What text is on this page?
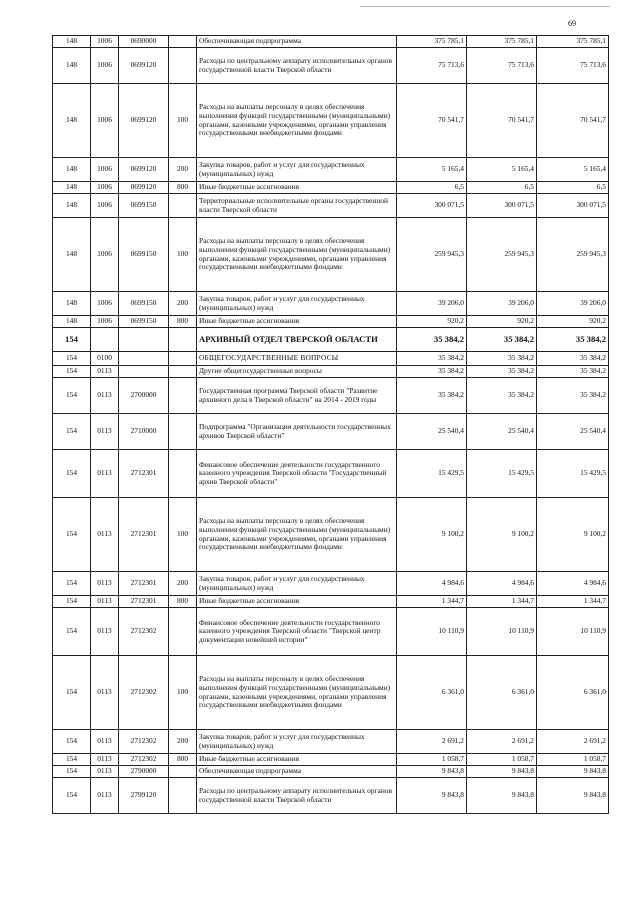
69
148	1006	0690000		Обеспечивающая подпрограмма	375 785,1	375 785,1	375 785,1
148	1006	0699120		Расходы по центральному аппарату исполнительных органов государственной власти Тверской области	75 713,6	75 713,6	75 713,6
148	1006	0699120	100	Расходы на выплаты персоналу в целях обеспечения выполнения функций государственными (муниципальными) органами, казенными учреждениями, органами управления государственными внебюджетными фондами	70 541,7	70 541,7	70 541,7
148	1006	0699120	200	Закупка товаров, работ и услуг для государственных (муниципальных) нужд	5 165,4	5 165,4	5 165,4
148	1006	0699120	800	Иные бюджетные ассигнования	6,5	6,5	6,5
148	1006	0699150		Территориальные исполнительные органы государственной власти Тверской области	300 071,5	300 071,5	300 071,5
148	1006	0699150	100	Расходы на выплаты персоналу в целях обеспечения выполнения функций государственными (муниципальными) органами, казенными учреждениями, органами управления государственными внебюджетными фондами	259 945,3	259 945,3	259 945,3
148	1006	0699150	200	Закупка товаров, работ и услуг для государственных (муниципальных) нужд	39 206,0	39 206,0	39 206,0
148	1006	0699150	800	Иные бюджетные ассигнования	920,2	920,2	920,2
154				АРХИВНЫЙ ОТДЕЛ ТВЕРСКОЙ ОБЛАСТИ	35 384,2	35 384,2	35 384,2
154	0100			ОБЩЕГОСУДАРСТВЕННЫЕ ВОПРОСЫ	35 384,2	35 384,2	35 384,2
154	0113			Другие общегосударственные вопросы	35 384,2	35 384,2	35 384,2
154	0113	2700000		Государственная программа Тверской области "Развитие архивного дела в Тверской области" на 2014 - 2019 годы	35 384,2	35 384,2	35 384,2
154	0113	2710000		Подпрограмма "Организация деятельности государственных архивов Тверской области"	25 540,4	25 540,4	25 540,4
154	0113	2712301		Финансовое обеспечение деятельности государственного казенного учреждения Тверской области "Государственный архив Тверской области"	15 429,5	15 429,5	15 429,5
154	0113	2712301	100	Расходы на выплаты персоналу в целях обеспечения выполнения функций государственными (муниципальными) органами, казенными учреждениями, органами управления государственными внебюджетными фондами	9 100,2	9 100,2	9 100,2
154	0113	2712301	200	Закупка товаров, работ и услуг для государственных (муниципальных) нужд	4 984,6	4 984,6	4 984,6
154	0113	2712301	800	Иные бюджетные ассигнования	1 344,7	1 344,7	1 344,7
154	0113	2712302		Финансовое обеспечение деятельности государственного казенного учреждения Тверской области "Тверской центр документации новейшей истории"	10 110,9	10 110,9	10 110,9
154	0113	2712302	100	Расходы на выплаты персоналу в целях обеспечения выполнения функций государственными (муниципальными) органами, казенными учреждениями, органами управления государственными внебюджетными фондами	6 361,0	6 361,0	6 361,0
154	0113	2712302	200	Закупка товаров, работ и услуг для государственных (муниципальных) нужд	2 691,2	2 691,2	2 691,2
154	0113	2712302	800	Иные бюджетные ассигнования	1 058,7	1 058,7	1 058,7
154	0113	2790000		Обеспечивающая подпрограмма	9 843,8	9 843,8	9 843,8
154	0113	2799120		Расходы по центральному аппарату исполнительных органов государственной власти Тверской области	9 843,8	9 843,8	9 843,8
